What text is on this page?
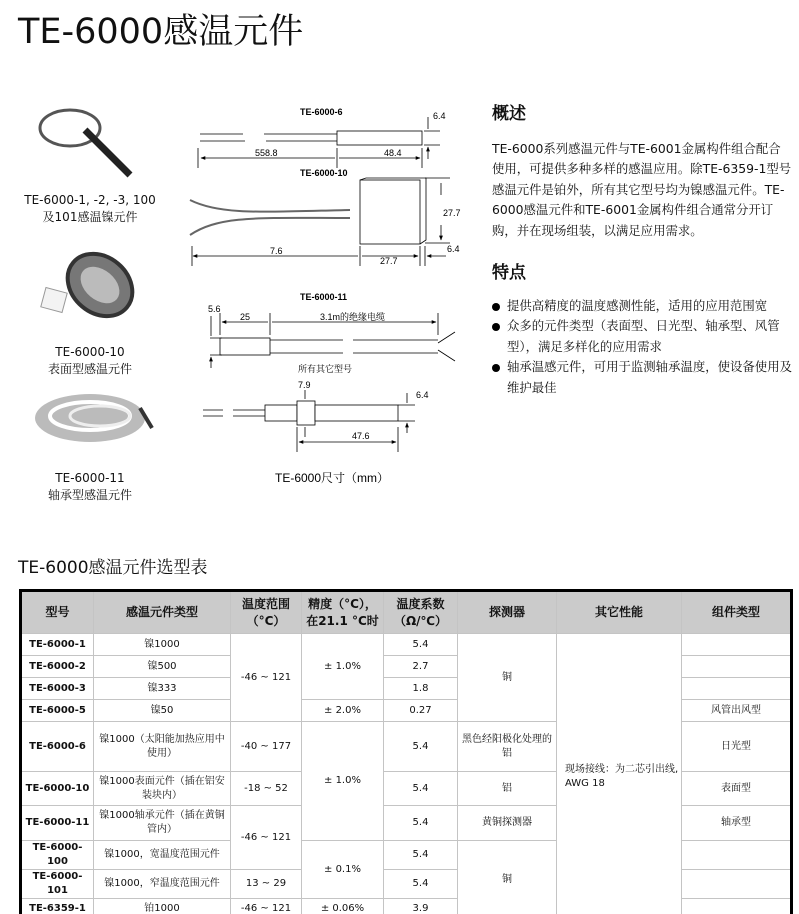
TE-6000感温元件
TE-6000-1, -2, -3, 100
及101感温镍元件
TE-6000-10
表面型感温元件
TE-6000-11
轴承型感温元件
TE-6000-6
558.8	48.4
6.4
TE-6000-10
27.7
7.6
27.7
6.4
TE-6000-11
5.6
25	3.1m的绝缘电缆
所有其它型号
7.9
6.4
47.6
TE-6000尺寸（mm）
概述

TE-6000系列感温元件与TE-6001金属构件组合配合使用，可提供多种多样的感温应用。除TE-6359-1型号感温元件是铂外，所有其它型号均为镍感温元件。TE-6000感温元件和TE-6001金属构件组合通常分开订购，并在现场组装，以满足应用需求。

特点
提供高精度的温度感测性能，适用的应用范围宽
众多的元件类型（表面型、日光型、轴承型、风管型），满足多样化的应用需求
轴承温感元件，可用于监测轴承温度，使设备使用及维护最佳
TE-6000感温元件选型表
型号	感温元件类型	温度范围（°C）	精度（°C），在21.1 °C时	温度系数（Ω/℃）	探测器	其它性能	组件类型
TE-6000-1	镍1000	-46 ~ 121	± 1.0%	5.4	铜	现场接线：为二芯引出线, AWG 18	
TE-6000-2	镍500			2.7			
TE-6000-3	镍333			1.8			
TE-6000-5	镍50		± 2.0%	0.27			风管出风型
TE-6000-6	镍1000（太阳能加热应用中使用）	-40 ~ 177	± 1.0%	5.4	黑色经阳极化处理的铝		日光型
TE-6000-10	镍1000表面元件（插在铝安装块内）	-18 ~ 52		5.4	铝		表面型
TE-6000-11	镍1000轴承元件（插在黄铜管内）	-46 ~ 121		5.4	黄铜探测器		轴承型
TE-6000-100	镍1000，宽温度范围元件		± 0.1%	5.4	铜		
TE-6000-101	镍1000，窄温度范围元件	13 ~ 29		5.4			
TE-6359-1	铂1000	-46 ~ 121	± 0.06%	3.9			
